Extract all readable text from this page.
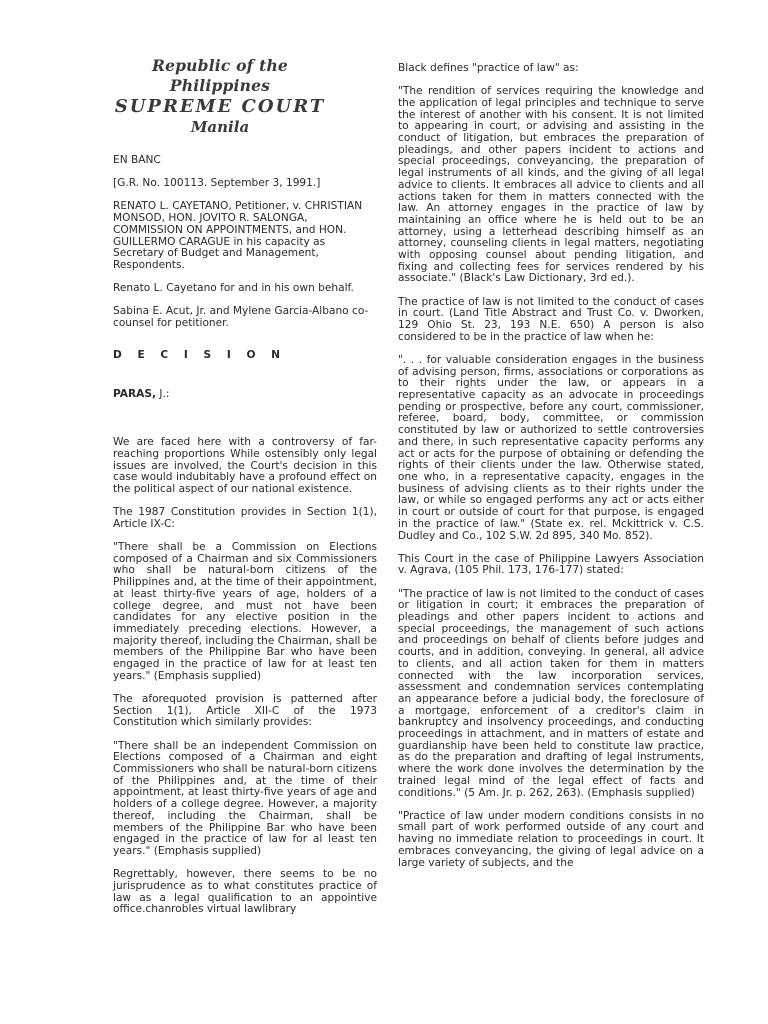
Republic of the Philippines
SUPREME COURT
Manila

EN BANC

[G.R. No. 100113. September 3, 1991.]

RENATO L. CAYETANO, Petitioner, v. CHRISTIAN MONSOD, HON. JOVITO R. SALONGA, COMMISSION ON APPOINTMENTS, and HON. GUILLERMO CARAGUE in his capacity as Secretary of Budget and Management, Respondents.

Renato L. Cayetano for and in his own behalf.

Sabina E. Acut, Jr. and Mylene Garcia-Albano co-counsel for petitioner.

D E C I S I O N

PARAS, J.:

We are faced here with a controversy of far-reaching proportions While ostensibly only legal issues are involved, the Court's decision in this case would indubitably have a profound effect on the political aspect of our national existence.

The 1987 Constitution provides in Section 1(1), Article IX-C:

"There shall be a Commission on Elections composed of a Chairman and six Commissioners who shall be natural-born citizens of the Philippines and, at the time of their appointment, at least thirty-five years of age, holders of a college degree, and must not have been candidates for any elective position in the immediately preceding elections. However, a majority thereof, including the Chairman, shall be members of the Philippine Bar who have been engaged in the practice of law for at least ten years." (Emphasis supplied)

The aforequoted provision is patterned after Section 1(1), Article XII-C of the 1973 Constitution which similarly provides:

"There shall be an independent Commission on Elections composed of a Chairman and eight Commissioners who shall be natural-born citizens of the Philippines and, at the time of their appointment, at least thirty-five years of age and holders of a college degree. However, a majority thereof, including the Chairman, shall be members of the Philippine Bar who have been engaged in the practice of law for al least ten years." (Emphasis supplied)

Regrettably, however, there seems to be no jurisprudence as to what constitutes practice of law as a legal qualification to an appointive office.chanrobles virtual lawlibrary

Black defines "practice of law" as:

"The rendition of services requiring the knowledge and the application of legal principles and technique to serve the interest of another with his consent. It is not limited to appearing in court, or advising and assisting in the conduct of litigation, but embraces the preparation of pleadings, and other papers incident to actions and special proceedings, conveyancing, the preparation of legal instruments of all kinds, and the giving of all legal advice to clients. It embraces all advice to clients and all actions taken for them in matters connected with the law. An attorney engages in the practice of law by maintaining an office where he is held out to be an attorney, using a letterhead describing himself as an attorney, counseling clients in legal matters, negotiating with opposing counsel about pending litigation, and fixing and collecting fees for services rendered by his associate." (Black's Law Dictionary, 3rd ed.).

The practice of law is not limited to the conduct of cases in court. (Land Title Abstract and Trust Co. v. Dworken, 129 Ohio St. 23, 193 N.E. 650) A person is also considered to be in the practice of law when he:

". . . for valuable consideration engages in the business of advising person, firms, associations or corporations as to their rights under the law, or appears in a representative capacity as an advocate in proceedings pending or prospective, before any court, commissioner, referee, board, body, committee, or commission constituted by law or authorized to settle controversies and there, in such representative capacity performs any act or acts for the purpose of obtaining or defending the rights of their clients under the law. Otherwise stated, one who, in a representative capacity, engages in the business of advising clients as to their rights under the law, or while so engaged performs any act or acts either in court or outside of court for that purpose, is engaged in the practice of law." (State ex. rel. Mckittrick v. C.S. Dudley and Co., 102 S.W. 2d 895, 340 Mo. 852).

This Court in the case of Philippine Lawyers Association v. Agrava, (105 Phil. 173, 176-177) stated:

"The practice of law is not limited to the conduct of cases or litigation in court; it embraces the preparation of pleadings and other papers incident to actions and special proceedings, the management of such actions and proceedings on behalf of clients before judges and courts, and in addition, conveying. In general, all advice to clients, and all action taken for them in matters connected with the law incorporation services, assessment and condemnation services contemplating an appearance before a judicial body, the foreclosure of a mortgage, enforcement of a creditor's claim in bankruptcy and insolvency proceedings, and conducting proceedings in attachment, and in matters of estate and guardianship have been held to constitute law practice, as do the preparation and drafting of legal instruments, where the work done involves the determination by the trained legal mind of the legal effect of facts and conditions." (5 Am. Jr. p. 262, 263). (Emphasis supplied)

"Practice of law under modern conditions consists in no small part of work performed outside of any court and having no immediate relation to proceedings in court. It embraces conveyancing, the giving of legal advice on a large variety of subjects, and the
